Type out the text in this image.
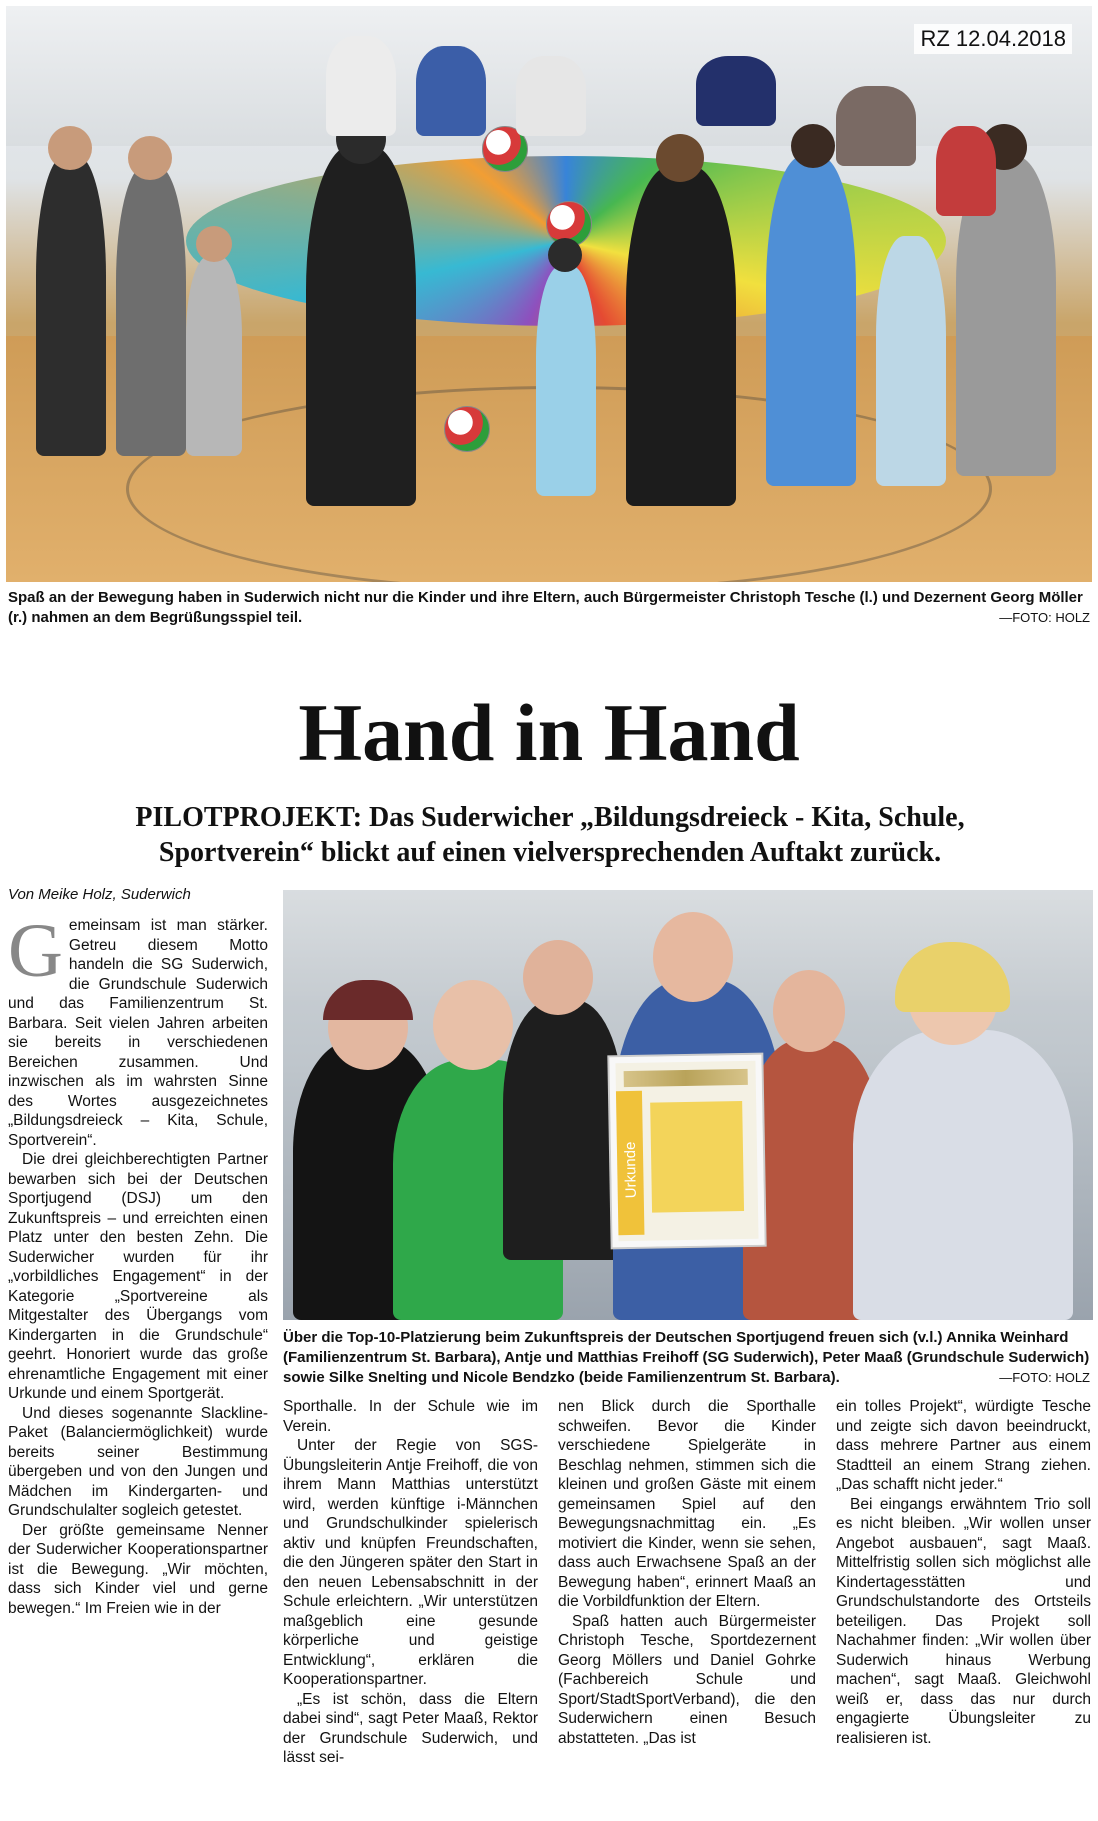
RZ 12.04.2018
Spaß an der Bewegung haben in Suderwich nicht nur die Kinder und ihre Eltern, auch Bürgermeister Christoph Tesche (l.) und Dezernent Georg Möller (r.) nahmen an dem Begrüßungsspiel teil.	—FOTO: HOLZ
Hand in Hand
PILOTPROJEKT: Das Suderwicher „Bildungsdreieck - Kita, Schule, Sportverein“ blickt auf einen vielversprechenden Auftakt zurück.
Von Meike Holz, Suderwich

Gemeinsam ist man stärker. Getreu diesem Motto handeln die SG Suderwich, die Grundschule Suderwich und das Familienzentrum St. Barbara. Seit vielen Jahren arbeiten sie bereits in verschiedenen Bereichen zusammen. Und inzwischen als im wahrsten Sinne des Wortes ausgezeichnetes „Bildungsdreieck – Kita, Schule, Sportverein“.

Die drei gleichberechtigten Partner bewarben sich bei der Deutschen Sportjugend (DSJ) um den Zukunftspreis – und erreichten einen Platz unter den besten Zehn. Die Suderwicher wurden für ihr „vorbildliches Engagement“ in der Kategorie „Sportvereine als Mitgestalter des Übergangs vom Kindergarten in die Grundschule“ geehrt. Honoriert wurde das große ehrenamtliche Engagement mit einer Urkunde und einem Sportgerät.

Und dieses sogenannte Slackline-Paket (Balanciermöglichkeit) wurde bereits seiner Bestimmung übergeben und von den Jungen und Mädchen im Kindergarten- und Grundschulalter sogleich getestet.

Der größte gemeinsame Nenner der Suderwicher Kooperationspartner ist die Bewegung. „Wir möchten, dass sich Kinder viel und gerne bewegen.“ Im Freien wie in der

Urkunde
Über die Top-10-Platzierung beim Zukunftspreis der Deutschen Sportjugend freuen sich (v.l.) Annika Weinhard (Familienzentrum St. Barbara), Antje und Matthias Freihoff (SG Suderwich), Peter Maaß (Grundschule Suderwich) sowie Silke Snelting und Nicole Bendzko (beide Familienzentrum St. Barbara).	—FOTO: HOLZ

Sporthalle. In der Schule wie im Verein.

Unter der Regie von SGS-Übungsleiterin Antje Freihoff, die von ihrem Mann Matthias unterstützt wird, werden künftige i-Männchen und Grundschulkinder spielerisch aktiv und knüpfen Freundschaften, die den Jüngeren später den Start in den neuen Lebensabschnitt in der Schule erleichtern. „Wir unterstützen maßgeblich eine gesunde körperliche und geistige Entwicklung“, erklären die Kooperationspartner.

„Es ist schön, dass die Eltern dabei sind“, sagt Peter Maaß, Rektor der Grundschule Suderwich, und lässt sei-

nen Blick durch die Sporthalle schweifen. Bevor die Kinder verschiedene Spielgeräte in Beschlag nehmen, stimmen sich die kleinen und großen Gäste mit einem gemeinsamen Spiel auf den Bewegungsnachmittag ein. „Es motiviert die Kinder, wenn sie sehen, dass auch Erwachsene Spaß an der Bewegung haben“, erinnert Maaß an die Vorbildfunktion der Eltern.

Spaß hatten auch Bürgermeister Christoph Tesche, Sportdezernent Georg Möllers und Daniel Gohrke (Fachbereich Schule und Sport/StadtSportVerband), die den Suderwichern einen Besuch abstatteten. „Das ist

ein tolles Projekt“, würdigte Tesche und zeigte sich davon beeindruckt, dass mehrere Partner aus einem Stadtteil an einem Strang ziehen. „Das schafft nicht jeder.“

Bei eingangs erwähntem Trio soll es nicht bleiben. „Wir wollen unser Angebot ausbauen“, sagt Maaß. Mittelfristig sollen sich möglichst alle Kindertagesstätten und Grundschulstandorte des Ortsteils beteiligen. Das Projekt soll Nachahmer finden: „Wir wollen über Suderwich hinaus Werbung machen“, sagt Maaß. Gleichwohl weiß er, dass das nur durch engagierte Übungsleiter zu realisieren ist.
